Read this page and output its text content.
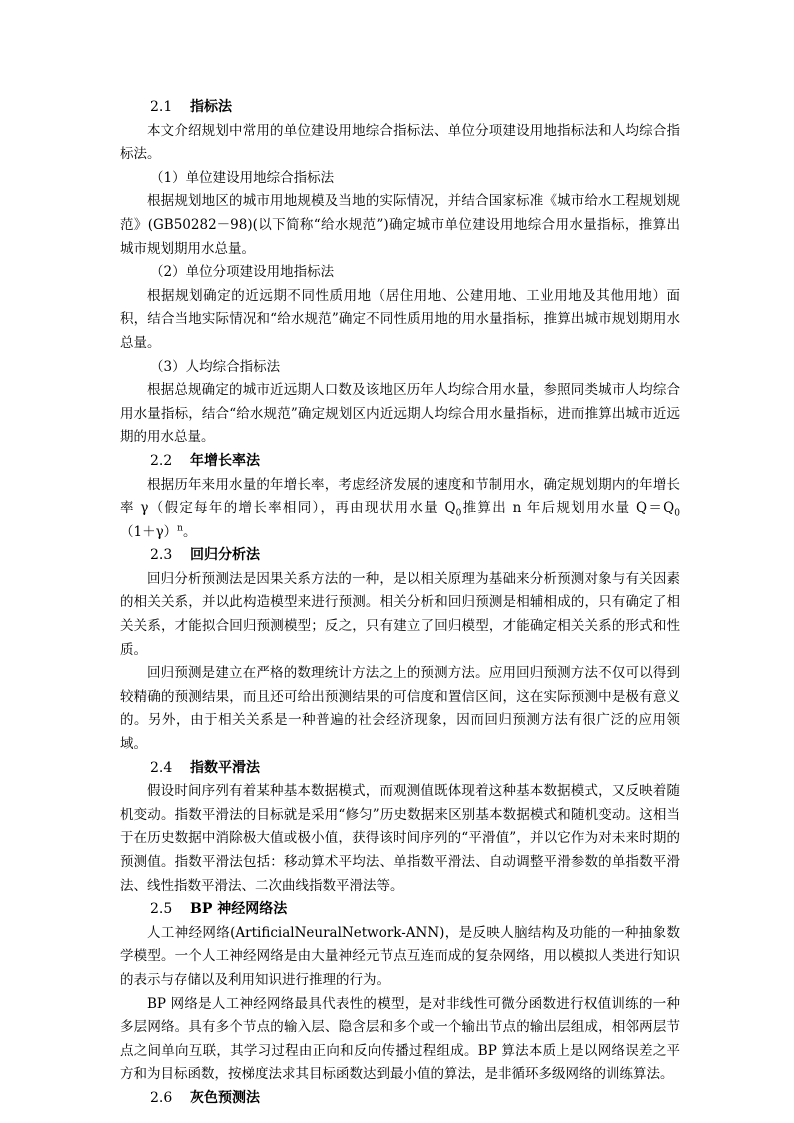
2.1 指标法

本文介绍规划中常用的单位建设用地综合指标法、单位分项建设用地指标法和人均综合指标法。

（1）单位建设用地综合指标法

根据规划地区的城市用地规模及当地的实际情况，并结合国家标准《城市给水工程规划规范》(GB50282－98)(以下简称“给水规范”)确定城市单位建设用地综合用水量指标，推算出城市规划期用水总量。

（2）单位分项建设用地指标法

根据规划确定的近远期不同性质用地（居住用地、公建用地、工业用地及其他用地）面积，结合当地实际情况和“给水规范”确定不同性质用地的用水量指标，推算出城市规划期用水总量。

（3）人均综合指标法

根据总规确定的城市近远期人口数及该地区历年人均综合用水量，参照同类城市人均综合用水量指标，结合“给水规范”确定规划区内近远期人均综合用水量指标，进而推算出城市近远期的用水总量。

2.2 年增长率法

根据历年来用水量的年增长率，考虑经济发展的速度和节制用水，确定规划期内的年增长率 γ（假定每年的增长率相同），再由现状用水量 $Q_0$推算出 n 年后规划用水量 $Q=Q_0(1+\gamma)^n$。

2.3 回归分析法

回归分析预测法是因果关系方法的一种，是以相关原理为基础来分析预测对象与有关因素的相关关系，并以此构造模型来进行预测。相关分析和回归预测是相辅相成的，只有确定了相关关系，才能拟合回归预测模型；反之，只有建立了回归模型，才能确定相关关系的形式和性质。

回归预测是建立在严格的数理统计方法之上的预测方法。应用回归预测方法不仅可以得到较精确的预测结果，而且还可给出预测结果的可信度和置信区间，这在实际预测中是极有意义的。另外，由于相关关系是一种普遍的社会经济现象，因而回归预测方法有很广泛的应用领域。

2.4 指数平滑法

假设时间序列有着某种基本数据模式，而观测值既体现着这种基本数据模式，又反映着随机变动。指数平滑法的目标就是采用“修匀”历史数据来区别基本数据模式和随机变动。这相当于在历史数据中消除极大值或极小值，获得该时间序列的“平滑值”，并以它作为对未来时期的预测值。指数平滑法包括：移动算术平均法、单指数平滑法、自动调整平滑参数的单指数平滑法、线性指数平滑法、二次曲线指数平滑法等。

2.5 BP 神经网络法

人工神经网络(ArtificialNeuralNetwork-ANN)，是反映人脑结构及功能的一种抽象数学模型。一个人工神经网络是由大量神经元节点互连而成的复杂网络，用以模拟人类进行知识的表示与存储以及利用知识进行推理的行为。

BP 网络是人工神经网络最具代表性的模型，是对非线性可微分函数进行权值训练的一种多层网络。具有多个节点的输入层、隐含层和多个或一个输出节点的输出层组成，相邻两层节点之间单向互联，其学习过程由正向和反向传播过程组成。BP 算法本质上是以网络误差之平方和为目标函数，按梯度法求其目标函数达到最小值的算法，是非循环多级网络的训练算法。

2.6 灰色预测法
